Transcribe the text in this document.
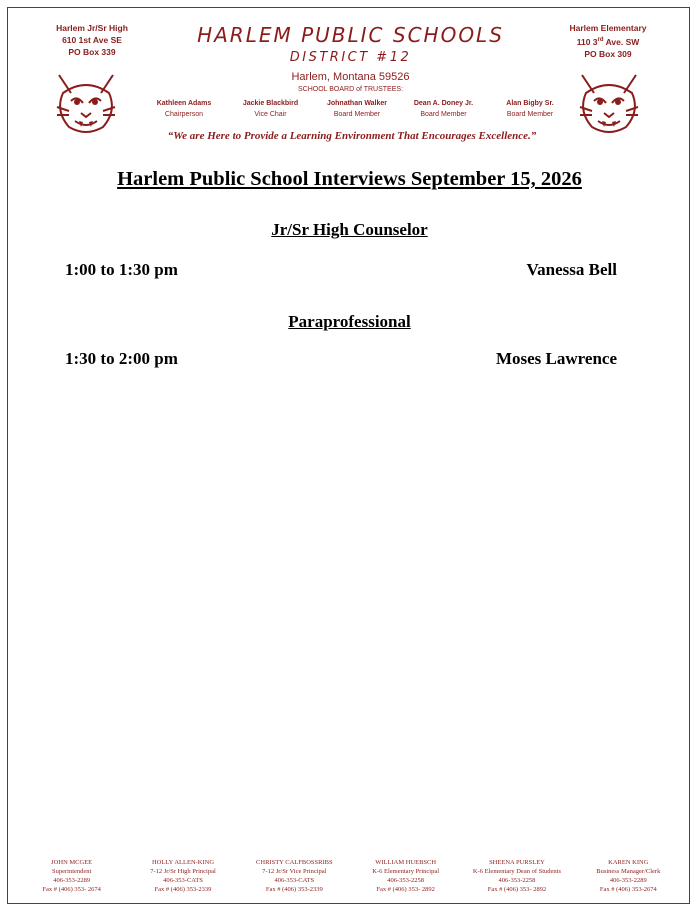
Harlem Jr/Sr High
610 1st Ave SE
PO Box 339
Harlem Elementary
110 3rd Ave. SW
PO Box 309
HARLEM PUBLIC SCHOOLS
DISTRICT #12
Harlem, Montana 59526
SCHOOL BOARD of TRUSTEES:
Kathleen Adams
Chairperson
Jackie Blackbird
Vice Chair
Johnathan Walker
Board Member
Dean A. Doney Jr.
Board Member
Alan Bigby Sr.
Board Member
“We are Here to Provide a Learning Environment That Encourages Excellence.”
Harlem Public School Interviews September 15, 2026
Jr/Sr High Counselor
1:00 to 1:30 pm	Vanessa Bell
Paraprofessional
1:30 to 2:00 pm	Moses Lawrence
JOHN MCGEE
Superintendent
406-353-2289
Fax # (406) 353- 2674
HOLLY ALLEN-KING
7-12 Jr/Sr High Principal
406-353-CATS
Fax # (406) 353-2339
CHRISTY CALFBOSSRIBS
7-12 Jr/Sr Vice Principal
406-353-CATS
Fax # (406) 353-2339
WILLIAM HUEBSCH
K-6 Elementary Principal
406-353-2258
Fax # (406) 353- 2892
SHEENA PURSLEY
K-6 Elementary Dean of Students
406-353-2258
Fax # (406) 353- 2892
KAREN KING
Business Manager/Clerk
406-353-2289
Fax # (406) 353-2674
